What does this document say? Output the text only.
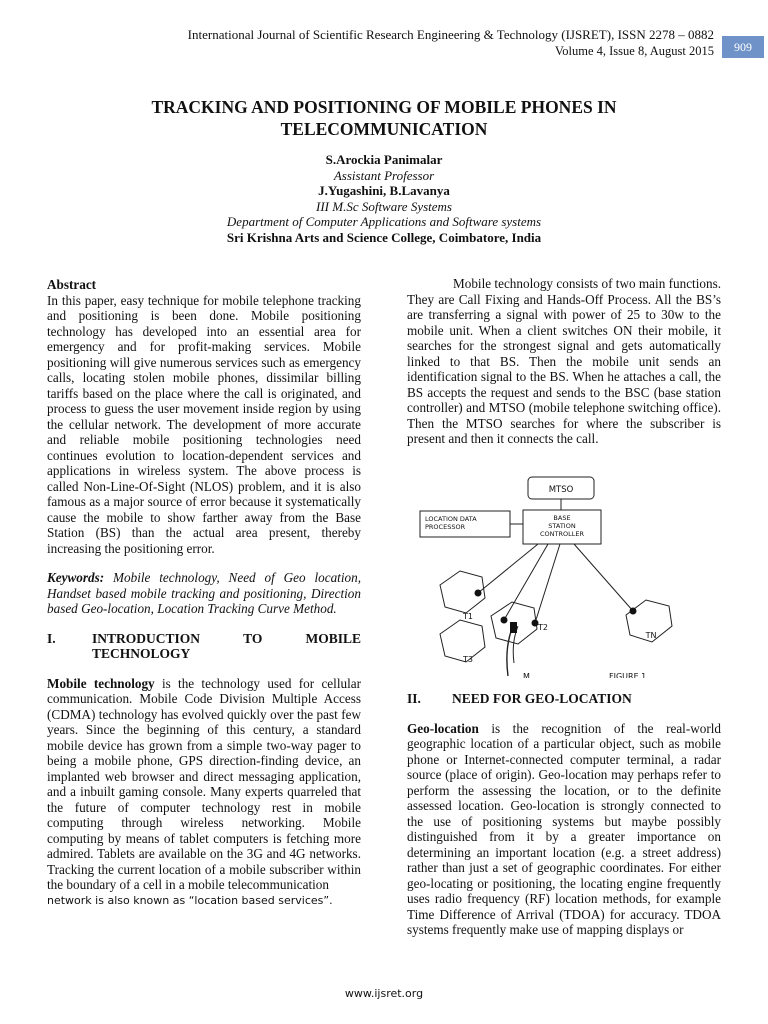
International Journal of Scientific Research Engineering & Technology (IJSRET), ISSN 2278 – 0882
Volume 4, Issue 8, August 2015	909
TRACKING AND POSITIONING OF MOBILE PHONES IN
TELECOMMUNICATION
S.Arockia Panimalar
Assistant Professor
J.Yugashini, B.Lavanya
III M.Sc Software Systems
Department of Computer Applications and Software systems
Sri Krishna Arts and Science College, Coimbatore, India
Abstract

In this paper, easy technique for mobile telephone tracking and positioning is been done. Mobile positioning technology has developed into an essential area for emergency and for profit-making services. Mobile positioning will give numerous services such as emergency calls, locating stolen mobile phones, dissimilar billing tariffs based on the place where the call is originated, and process to guess the user movement inside region by using the cellular network. The development of more accurate and reliable mobile positioning technologies need continues evolution to location-dependent services and applications in wireless system. The above process is called Non-Line-Of-Sight (NLOS) problem, and it is also famous as a major source of error because it systematically cause the mobile to show farther away from the Base Station (BS) than the actual area present, thereby increasing the positioning error.

Keywords: Mobile technology, Need of Geo location, Handset based mobile tracking and positioning, Direction based Geo-location, Location Tracking Curve Method.

I.	INTRODUCTION	TO	MOBILE
TECHNOLOGY

Mobile technology is the technology used for cellular communication. Mobile Code Division Multiple Access (CDMA) technology has evolved quickly over the past few years. Since the beginning of this century, a standard mobile device has grown from a simple two-way pager to being a mobile phone, GPS direction-finding device, an implanted web browser and direct messaging application, and a inbuilt gaming console. Many experts quarreled that the future of computer technology rest in mobile computing through wireless networking. Mobile computing by means of tablet computers is fetching more admired. Tablets are available on the 3G and 4G networks. Tracking the current location of a mobile subscriber within the boundary of a cell in a mobile telecommunication

network is also known as “location based services”.

Mobile technology consists of two main functions. They are Call Fixing and Hands-Off Process. All the BS’s are transferring a signal with power of 25 to 30w to the mobile unit. When a client switches ON their mobile, it searches for the strongest signal and gets automatically linked to that BS. Then the mobile unit sends an identification signal to the BS. When he attaches a call, the BS accepts the request and sends to the BSC (base station controller) and MTSO (mobile telephone switching office). Then the MTSO searches for where the subscriber is present and then it connects the call.

MTSO
LOCATION DATA
PROCESSOR
BASE
STATION
CONTROLLER
T1
T2
T3
TN
M	FIGURE 1
II.	NEED FOR GEO-LOCATION

Geo-location is the recognition of the real-world geographic location of a particular object, such as mobile phone or Internet-connected computer terminal, a radar source (place of origin). Geo-location may perhaps refer to perform the assessing the location, or to the definite assessed location. Geo-location is strongly connected to the use of positioning systems but maybe possibly distinguished from it by a greater importance on determining an important location (e.g. a street address) rather than just a set of geographic coordinates. For either geo-locating or positioning, the locating engine frequently uses radio frequency (RF) location methods, for example Time Difference of Arrival (TDOA) for accuracy. TDOA systems frequently make use of mapping displays or

www.ijsret.org
